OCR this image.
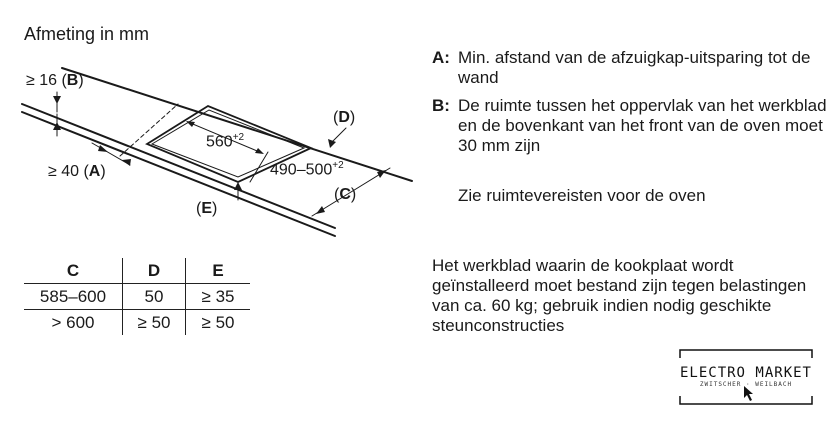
Afmeting in mm
≥ 16 (B)
≥ 40 (A)
$560^{+2}$
$490-500^{+2}$
(D)
(C)
(E)
A: Min. afstand van de afzuigkap-uitsparing tot de wand
B: De ruimte tussen het oppervlak van het werkblad en de bovenkant van het front van de oven moet 30 mm zijn
Zie ruimtevereisten voor de oven
Het werkblad waarin de kookplaat wordt geïnstalleerd moet bestand zijn tegen belastingen van ca. 60 kg; gebruik indien nodig geschikte steunconstructies
C	D	E
585–600	50	≥ 35
> 600	≥ 50	≥ 50
ELECTRO MARKET
ZWITSCHER · WEILBACH
